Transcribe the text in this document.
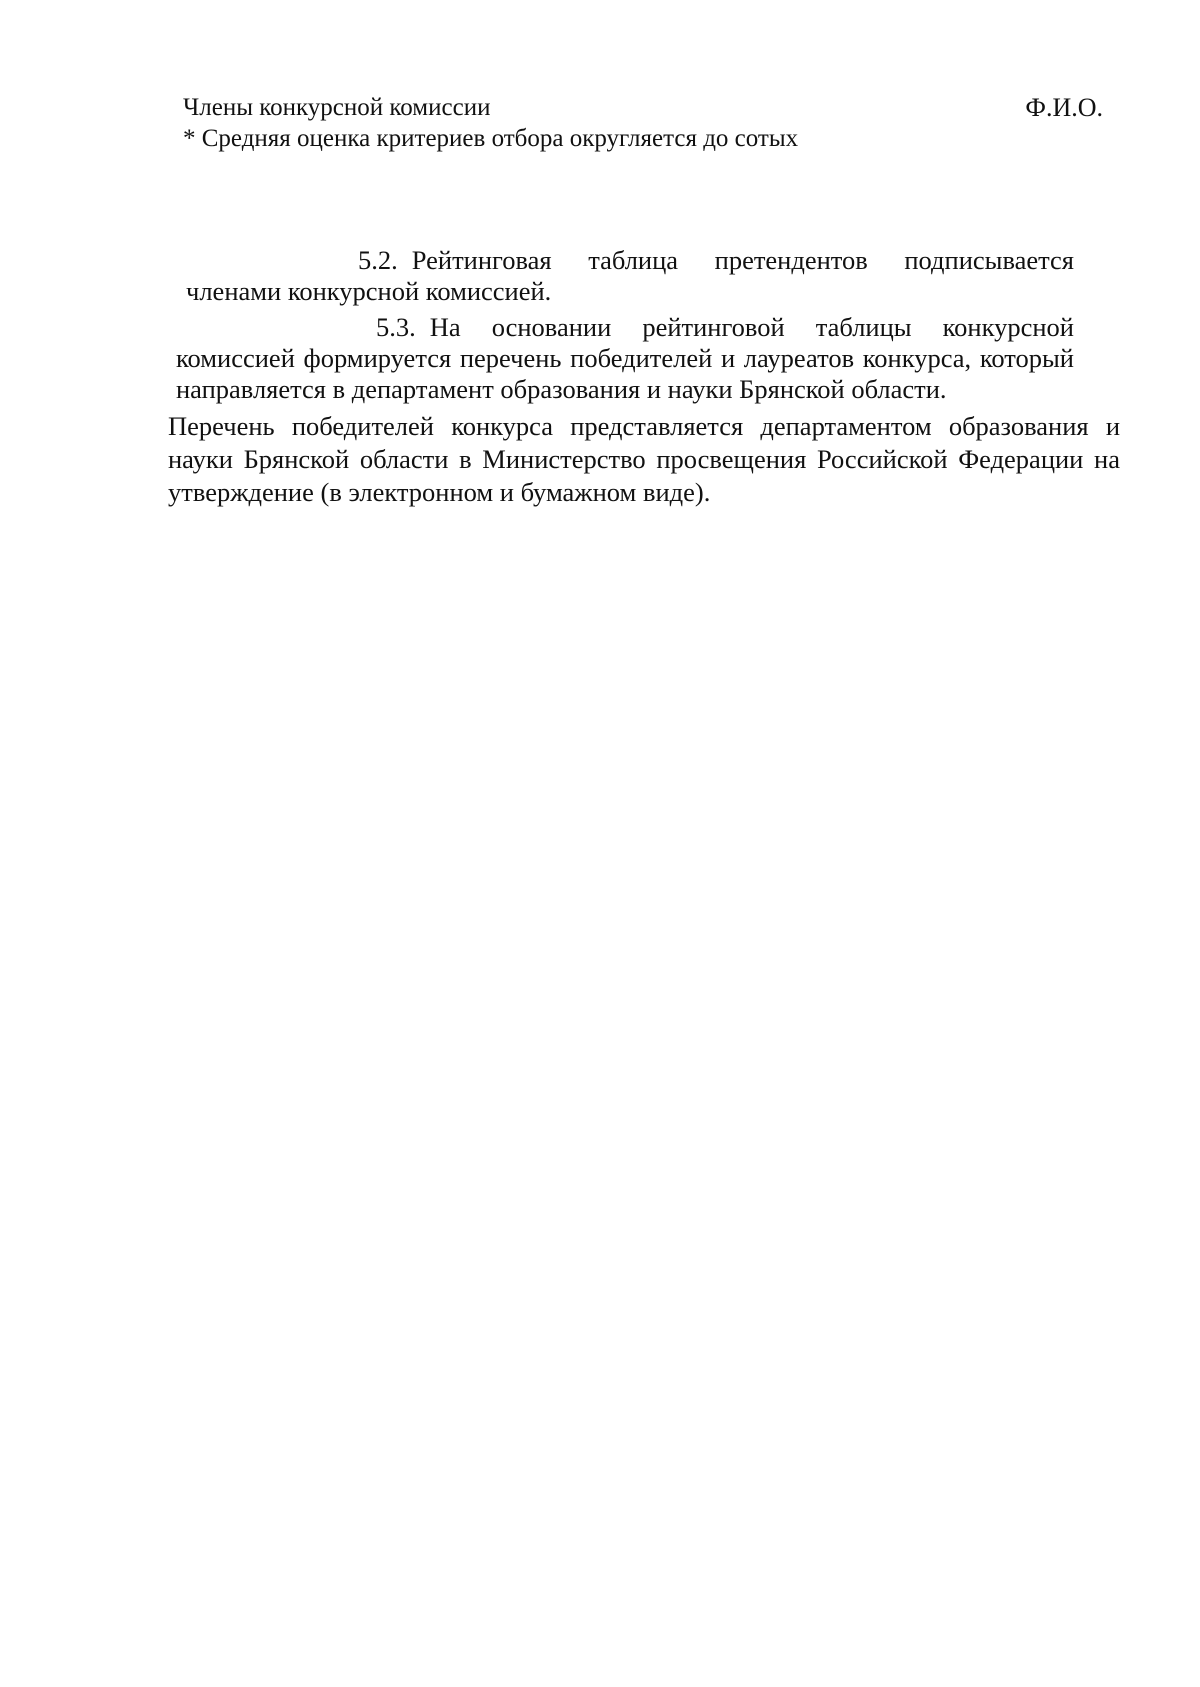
Члены конкурсной комиссии	Ф.И.О.
* Средняя оценка критериев отбора округляется до сотых

5.2. Рейтинговая таблица претендентов подписывается членами конкурсной комиссией.

5.3. На основании рейтинговой таблицы конкурсной комиссией формируется перечень победителей и лауреатов конкурса, который направляется в департамент образования и науки Брянской области.

Перечень победителей конкурса представляется департаментом образования и науки Брянской области в Министерство просвещения Российской Федерации на утверждение (в электронном и бумажном виде).
